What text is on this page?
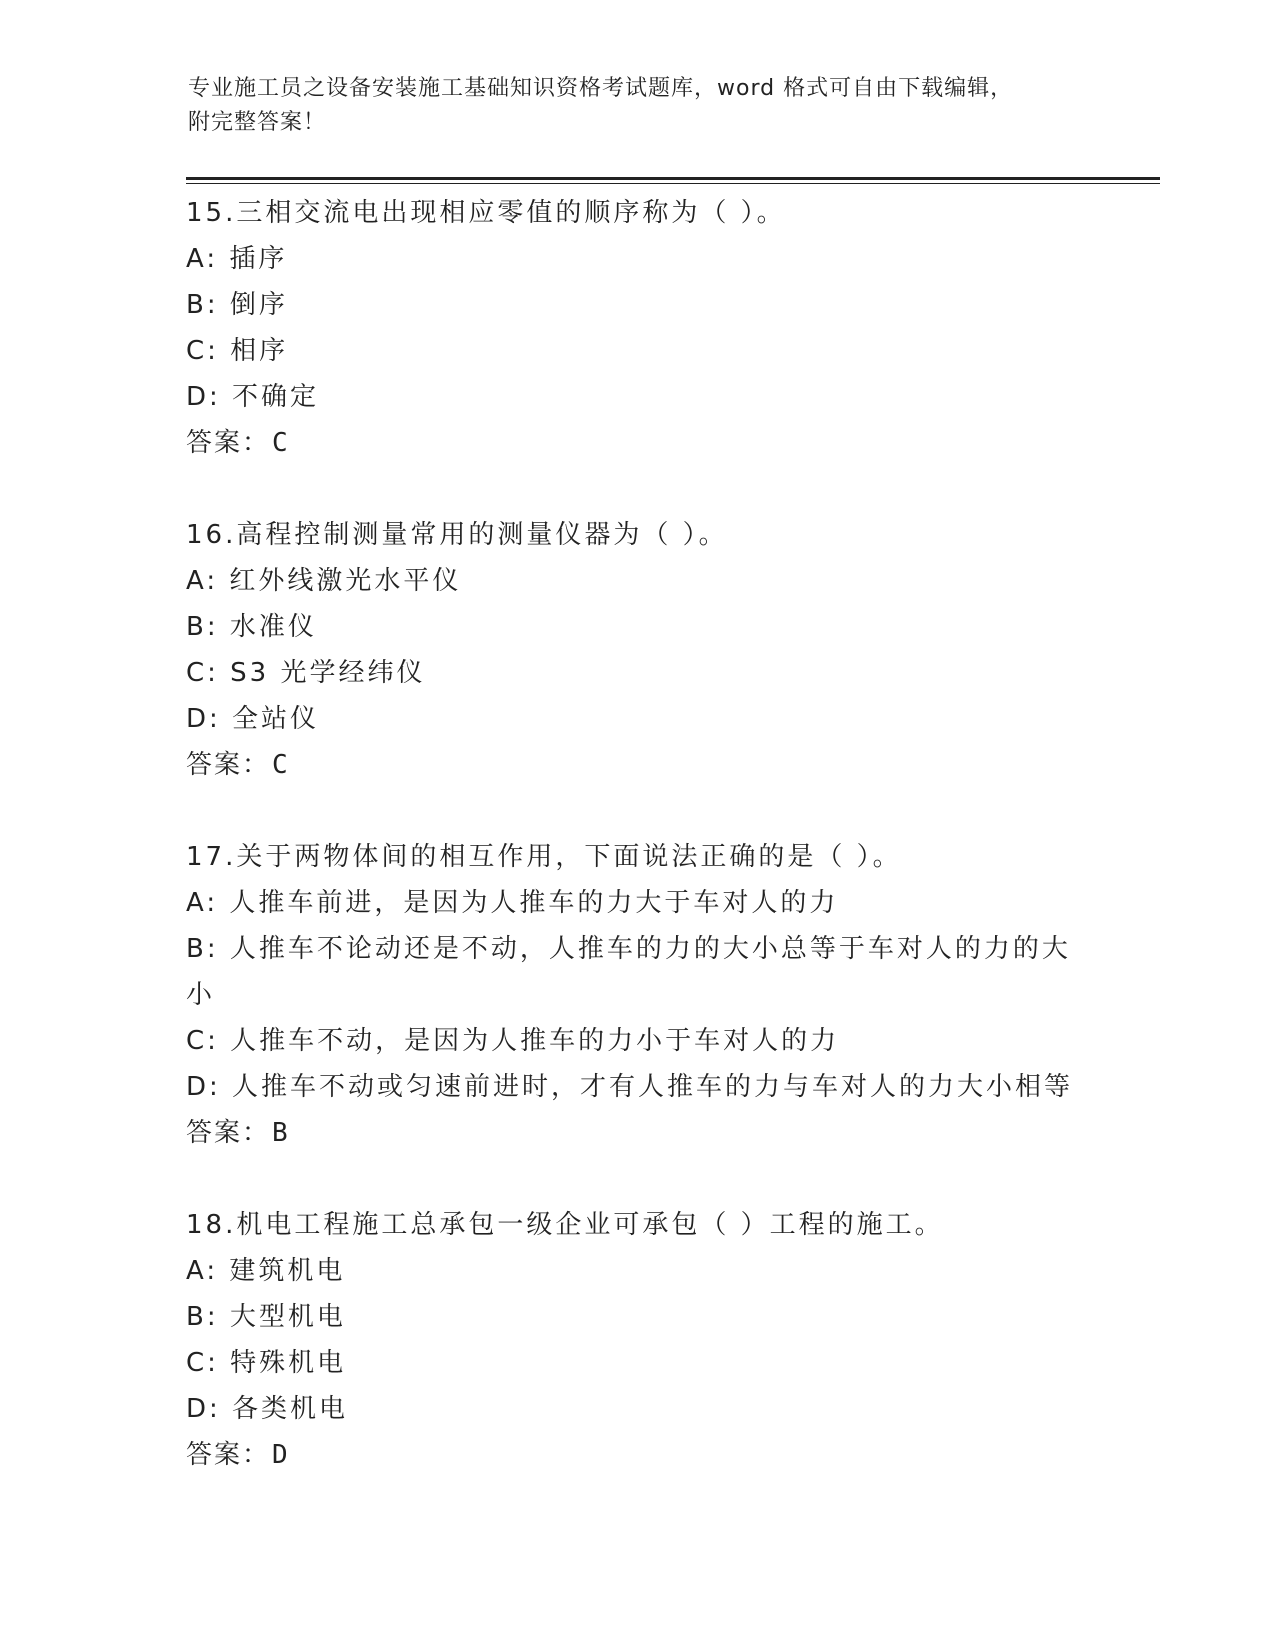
专业施工员之设备安装施工基础知识资格考试题库，word 格式可自由下载编辑，
附完整答案！
15.三相交流电出现相应零值的顺序称为（ ）。
A: 插序
B: 倒序
C: 相序
D: 不确定
答案：C
16.高程控制测量常用的测量仪器为（ ）。
A: 红外线激光水平仪
B: 水准仪
C: S3 光学经纬仪
D: 全站仪
答案：C
17.关于两物体间的相互作用，下面说法正确的是（ ）。
A: 人推车前进，是因为人推车的力大于车对人的力
B: 人推车不论动还是不动，人推车的力的大小总等于车对人的力的大小
C: 人推车不动，是因为人推车的力小于车对人的力
D: 人推车不动或匀速前进时，才有人推车的力与车对人的力大小相等
答案：B
18.机电工程施工总承包一级企业可承包（ ）工程的施工。
A: 建筑机电
B: 大型机电
C: 特殊机电
D: 各类机电
答案：D
